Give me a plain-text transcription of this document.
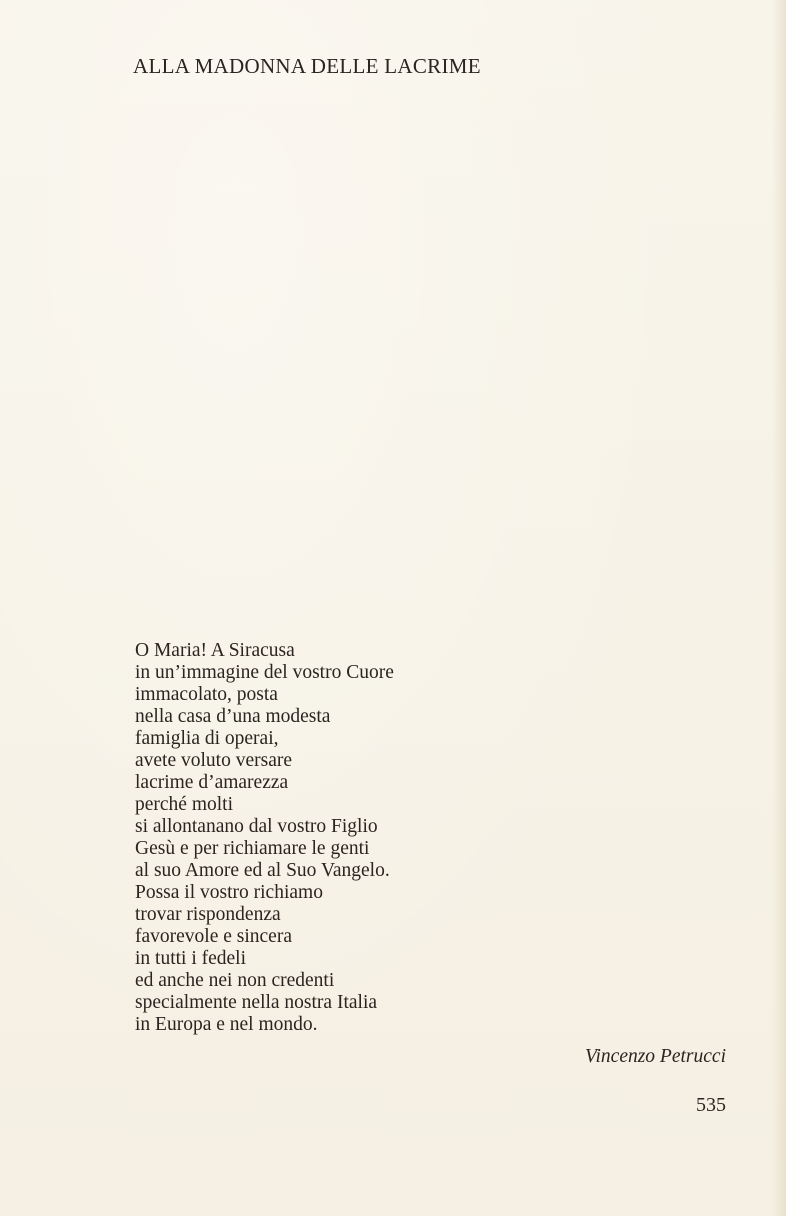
ALLA MADONNA DELLE LACRIME
O Maria! A Siracusa
in un’immagine del vostro Cuore
immacolato, posta
nella casa d’una modesta
famiglia di operai,
avete voluto versare
lacrime d’amarezza
perché molti
si allontanano dal vostro Figlio
Gesù e per richiamare le genti
al suo Amore ed al Suo Vangelo.
Possa il vostro richiamo
trovar rispondenza
favorevole e sincera
in tutti i fedeli
ed anche nei non credenti
specialmente nella nostra Italia
in Europa e nel mondo.
Vincenzo Petrucci
535
